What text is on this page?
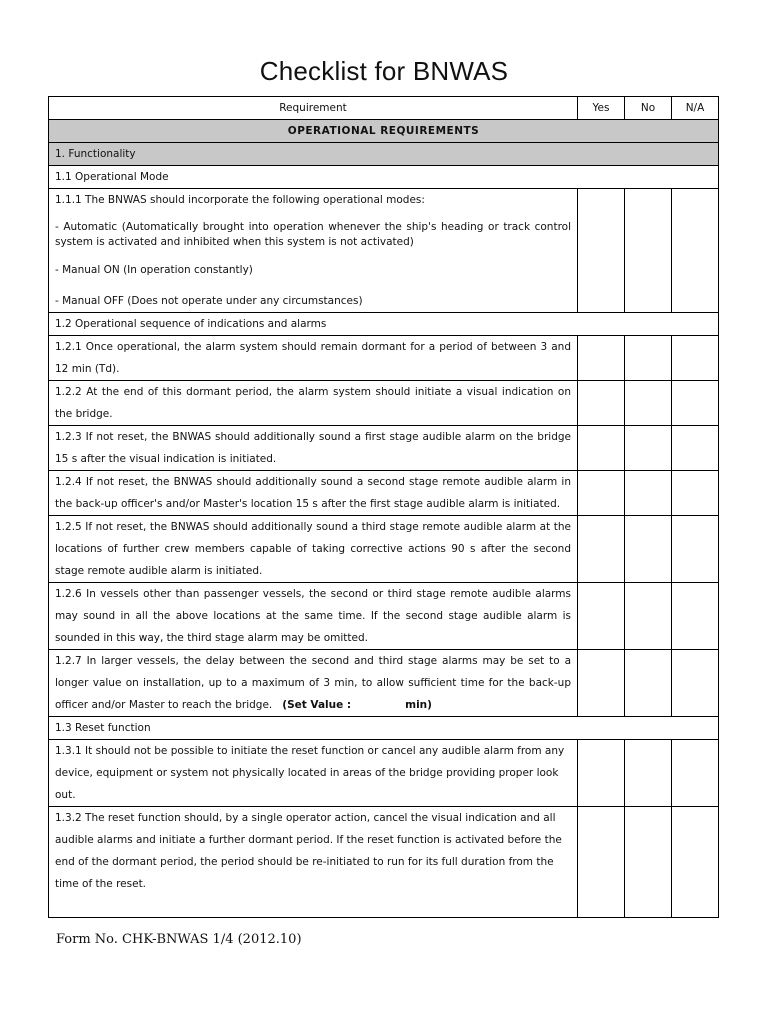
Checklist for BNWAS
Requirement	Yes	No	N/A
OPERATIONAL REQUIREMENTS			
1. Functionality			
1.1 Operational Mode			

1.1.1 The BNWAS should incorporate the following operational modes:

- Automatic (Automatically brought into operation whenever the ship's heading or track control system is activated and inhibited when this system is not activated)

- Manual ON (In operation constantly)

- Manual OFF (Does not operate under any circumstances)			

1.2 Operational sequence of indications and alarms			
1.2.1 Once operational, the alarm system should remain dormant for a period of between 3 and 12 min (Td).			
1.2.2 At the end of this dormant period, the alarm system should initiate a visual indication on the bridge.			
1.2.3 If not reset, the BNWAS should additionally sound a first stage audible alarm on the bridge 15 s after the visual indication is initiated.			
1.2.4 If not reset, the BNWAS should additionally sound a second stage remote audible alarm in the back-up officer's and/or Master's location 15 s after the first stage audible alarm is initiated.			
1.2.5 If not reset, the BNWAS should additionally sound a third stage remote audible alarm at the locations of further crew members capable of taking corrective actions 90 s after the second stage remote audible alarm is initiated.			
1.2.6 In vessels other than passenger vessels, the second or third stage remote audible alarms may sound in all the above locations at the same time. If the second stage audible alarm is sounded in this way, the third stage alarm may be omitted.			
1.2.7 In larger vessels, the delay between the second and third stage alarms may be set to a longer value on installation, up to a maximum of 3 min, to allow sufficient time for the back-up officer and/or Master to reach the bridge. (Set Value : min)			
1.3 Reset function			
1.3.1 It should not be possible to initiate the reset function or cancel any audible alarm from any device, equipment or system not physically located in areas of the bridge providing proper look out.			
1.3.2 The reset function should, by a single operator action, cancel the visual indication and all audible alarms and initiate a further dormant period. If the reset function is activated before the end of the dormant period, the period should be re-initiated to run for its full duration from the time of the reset.			
Form No. CHK-BNWAS 1/4 (2012.10)
